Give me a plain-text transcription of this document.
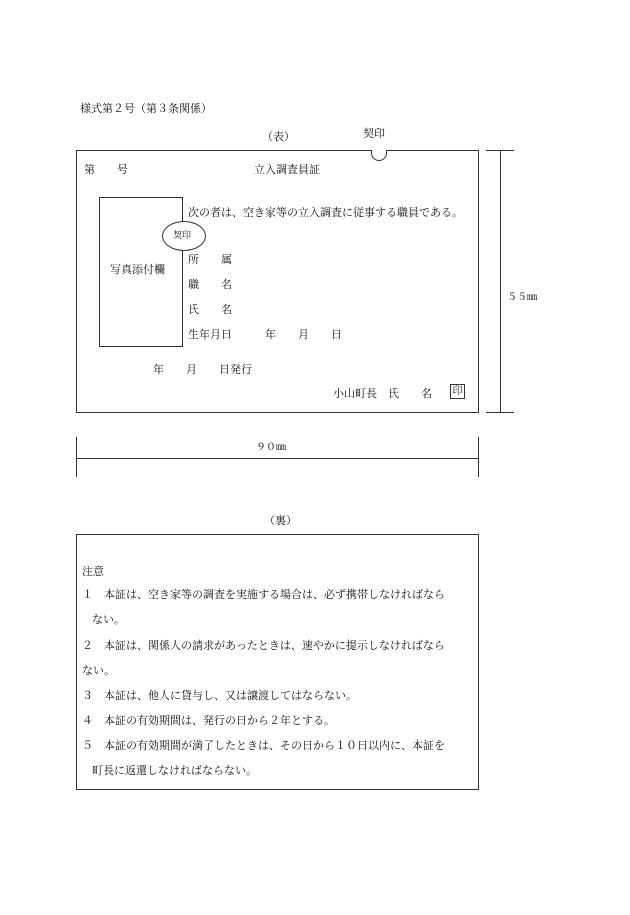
様式第２号（第３条関係）
（表）	契印
第　　号	立入調査員証
写真添付欄
契印
次の者は、空き家等の立入調査に従事する職員である。
所　　属
職　　名
氏　　名
生年月日　　　年　　月　　日
年　　月　　日発行
小山町長　氏　　名 印
５５㎜
９０㎜
（裏）
注意
１　本証は、空き家等の調査を実施する場合は、必ず携帯しなければなら
ない。
２　本証は、関係人の請求があったときは、速やかに提示しなければなら
ない。
３　本証は、他人に貸与し、又は譲渡してはならない。
４　本証の有効期間は、発行の日から２年とする。
５　本証の有効期間が満了したときは、その日から１０日以内に、本証を
町長に返還しなければならない。
